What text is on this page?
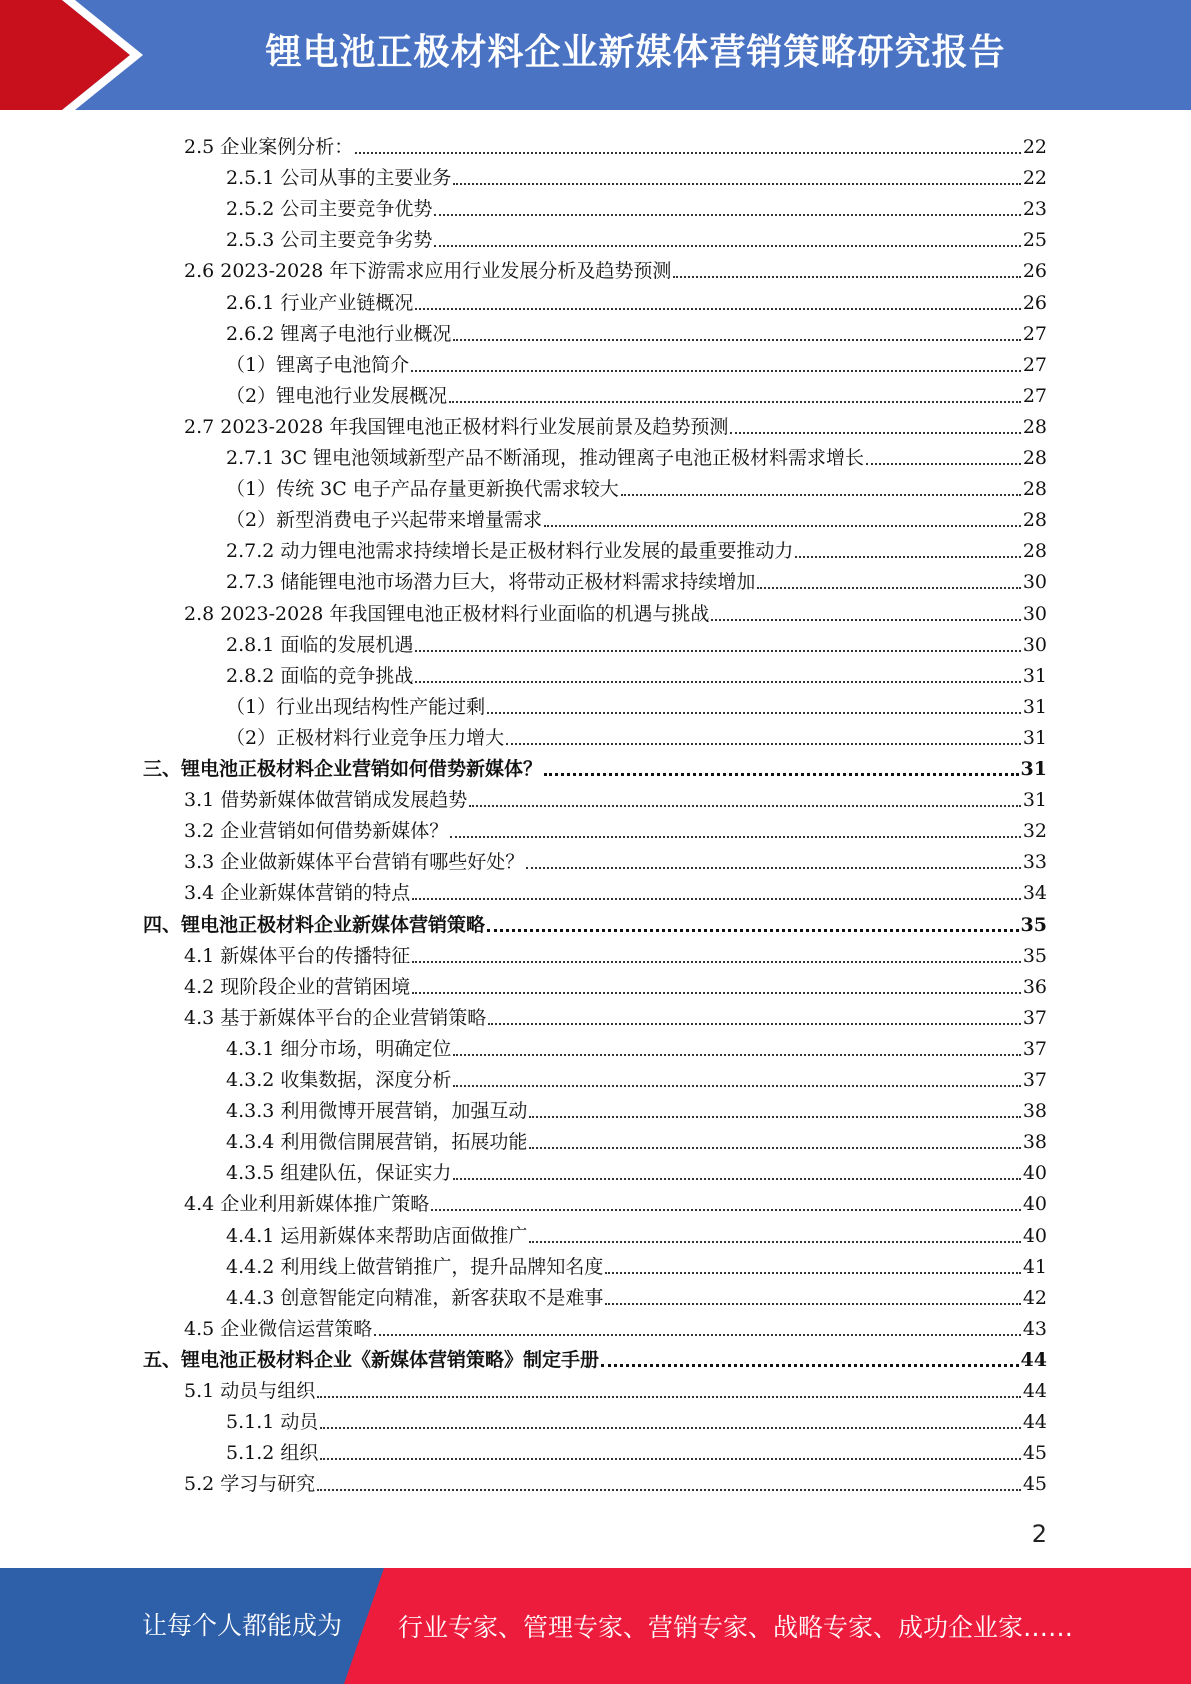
锂电池正极材料企业新媒体营销策略研究报告
2.5 企业案例分析：	22
2.5.1 公司从事的主要业务	22
2.5.2 公司主要竞争优势	23
2.5.3 公司主要竞争劣势	25
2.6 2023-2028 年下游需求应用行业发展分析及趋势预测	26
2.6.1 行业产业链概况	26
2.6.2 锂离子电池行业概况	27
（1）锂离子电池简介	27
（2）锂电池行业发展概况	27
2.7 2023-2028 年我国锂电池正极材料行业发展前景及趋势预测	28
2.7.1 3C 锂电池领域新型产品不断涌现，推动锂离子电池正极材料需求增长	28
（1）传统 3C 电子产品存量更新换代需求较大	28
（2）新型消费电子兴起带来增量需求	28
2.7.2 动力锂电池需求持续增长是正极材料行业发展的最重要推动力	28
2.7.3 储能锂电池市场潜力巨大，将带动正极材料需求持续增加	30
2.8 2023-2028 年我国锂电池正极材料行业面临的机遇与挑战	30
2.8.1 面临的发展机遇	30
2.8.2 面临的竞争挑战	31
（1）行业出现结构性产能过剩	31
（2）正极材料行业竞争压力增大	31
三、锂电池正极材料企业营销如何借势新媒体？	31
3.1 借势新媒体做营销成发展趋势	31
3.2 企业营销如何借势新媒体？	32
3.3 企业做新媒体平台营销有哪些好处？	33
3.4 企业新媒体营销的特点	34
四、锂电池正极材料企业新媒体营销策略	35
4.1 新媒体平台的传播特征	35
4.2 现阶段企业的营销困境	36
4.3 基于新媒体平台的企业营销策略	37
4.3.1 细分市场，明确定位	37
4.3.2 收集数据，深度分析	37
4.3.3 利用微博开展营销，加强互动	38
4.3.4 利用微信開展营销，拓展功能	38
4.3.5 组建队伍，保证实力	40
4.4 企业利用新媒体推广策略	40
4.4.1 运用新媒体来帮助店面做推广	40
4.4.2 利用线上做营销推广，提升品牌知名度	41
4.4.3 创意智能定向精准，新客获取不是难事	42
4.5 企业微信运营策略	43
五、锂电池正极材料企业《新媒体营销策略》制定手册	44
5.1 动员与组织	44
5.1.1 动员	44
5.1.2 组织	45
5.2 学习与研究	45
2
让每个人都能成为 行业专家、管理专家、营销专家、战略专家、成功企业家……
